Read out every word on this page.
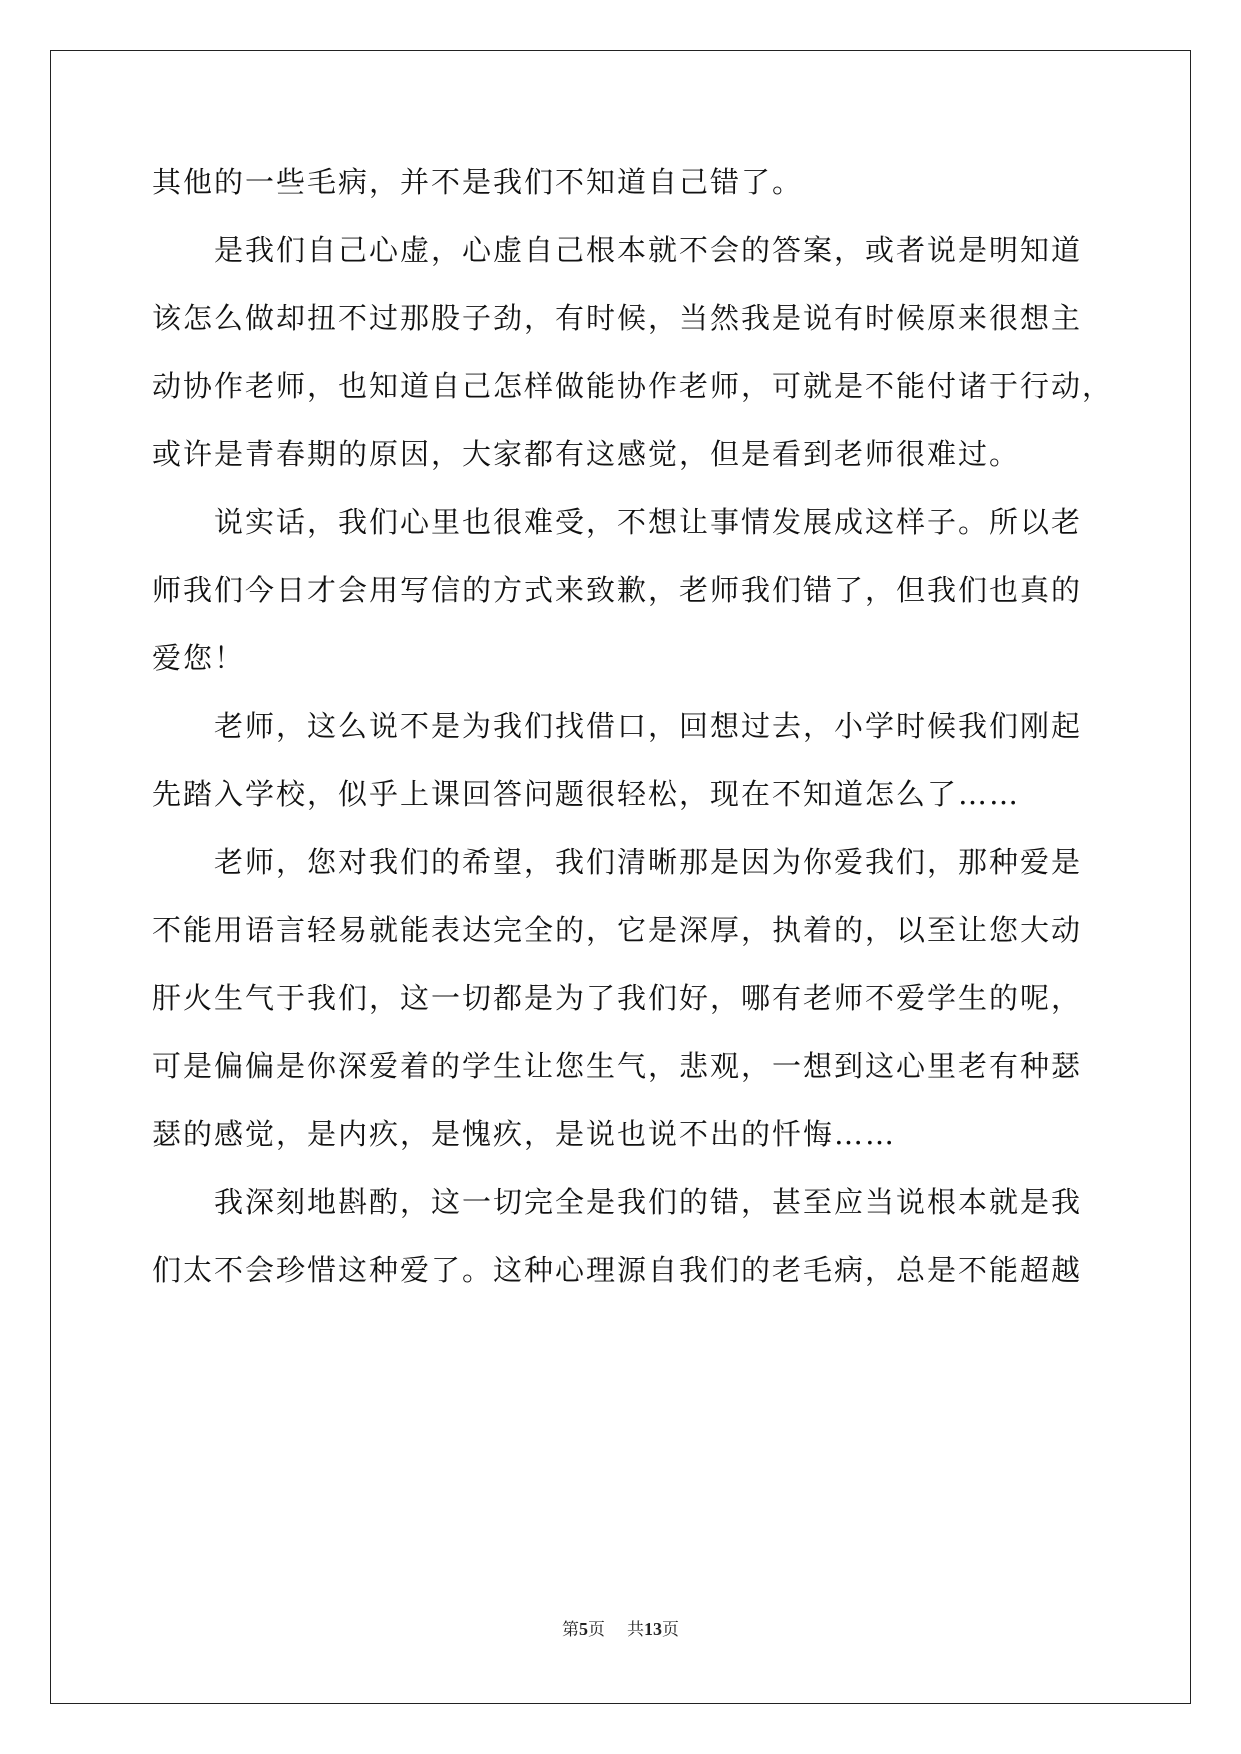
其他的一些毛病，并不是我们不知道自己错了。
是我们自己心虚，心虚自己根本就不会的答案，或者说是明知道
该怎么做却扭不过那股子劲，有时候，当然我是说有时候原来很想主
动协作老师，也知道自己怎样做能协作老师，可就是不能付诸于行动，
或许是青春期的原因，大家都有这感觉，但是看到老师很难过。
说实话，我们心里也很难受，不想让事情发展成这样子。所以老
师我们今日才会用写信的方式来致歉，老师我们错了，但我们也真的
爱您！
老师，这么说不是为我们找借口，回想过去，小学时候我们刚起
先踏入学校，似乎上课回答问题很轻松，现在不知道怎么了……
老师，您对我们的希望，我们清晰那是因为你爱我们，那种爱是
不能用语言轻易就能表达完全的，它是深厚，执着的，以至让您大动
肝火生气于我们，这一切都是为了我们好，哪有老师不爱学生的呢，
可是偏偏是你深爱着的学生让您生气，悲观，一想到这心里老有种瑟
瑟的感觉，是内疚，是愧疚，是说也说不出的忏悔……
我深刻地斟酌，这一切完全是我们的错，甚至应当说根本就是我
们太不会珍惜这种爱了。这种心理源自我们的老毛病，总是不能超越
第5页 共13页
